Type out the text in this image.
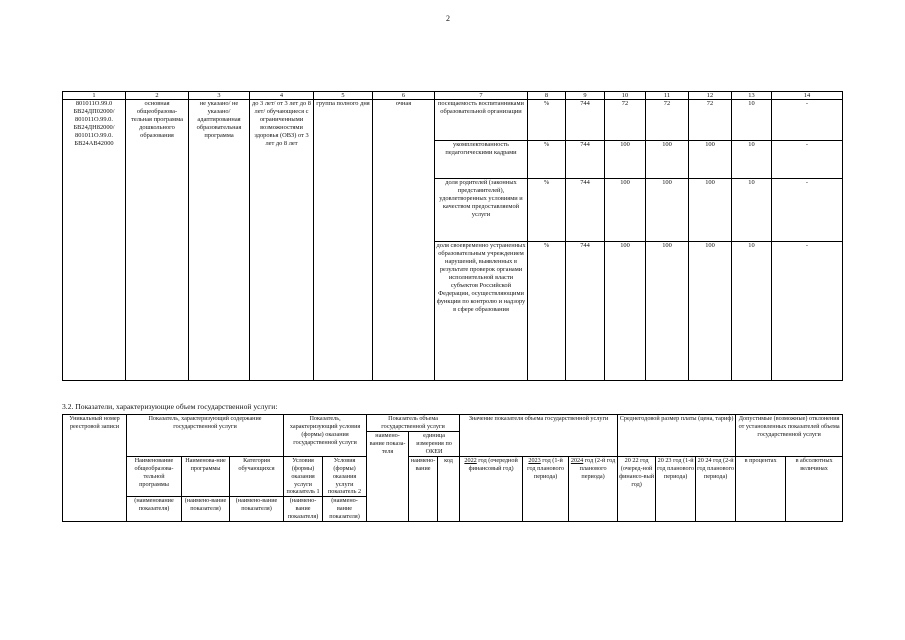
2
1	2	3	4	5	6	7	8	9	10	11	12	13	14
801011О.99.0 БВ24ДП02000/ 801011О.99.0. БВ24ДН82000/ 801011О.99.0. БВ24АВ42000	основная общеобразова-тельная программа дошкольного образования	не указано/ не указано/ адаптированная образовательная программа	до 3 лет/ от 3 лет до 8 лет/ обучающиеся с ограниченными возможностями здоровья (ОВЗ) от 3 лет до 8 лет	группа полного дня	очная	посещаемость воспитанниками образовательной организации	%	744	72	72	72	10	-
						укомплектованность педагогическими кадрами	%	744	100	100	100	10	-
						доля родителей (законных представителей), удовлетворенных условиями и качеством предоставляемой услуги	%	744	100	100	100	10	-
						доля своевременно устраненных образовательным учреждением нарушений, выявленных в результате проверок органами исполнительной власти субъектов Российской Федерации, осуществляющими функции по контролю и надзору в сфере образования	%	744	100	100	100	10	-
3.2. Показатели, характеризующие объем государственной услуги:
Уникальный номер реестровой записи	Показатель, характеризующий содержание государственной услуги			Показатель, характеризующий условия (формы) оказания государственной услуги		Показатель объема государственной услуги			Значение показателя объема государственной услуги			Среднегодовой размер платы (цена, тариф)			Допустимые (возможные) отклонения от установленных показателей объема государственной услуги	
						наимено-вание показа-теля	единица измерения по ОКЕИ									
	Наименование общеобразова-тельной программы	Наименова-ние программы	Категория обучающихся	Условия (формы) оказания услуги показатель 1	Условия (формы) оказания услуги показатель 2		наимено-вание	код	2022 год (очередной финансовый год)	2023 год (1-й год планового периода)	2024 год (2-й год планового периода)	20 22 год (очеред-ной финансо-вый год)	20 23 год (1-й год планового периода)	20 24 год (2-й год планового периода)	в процентах	в абсолютных величинах

	(наименование показателя)	(наимено-вание показателя)	(наимено-вание показателя)	(наимено-вание показателя)	(наимено-вание показателя)											
